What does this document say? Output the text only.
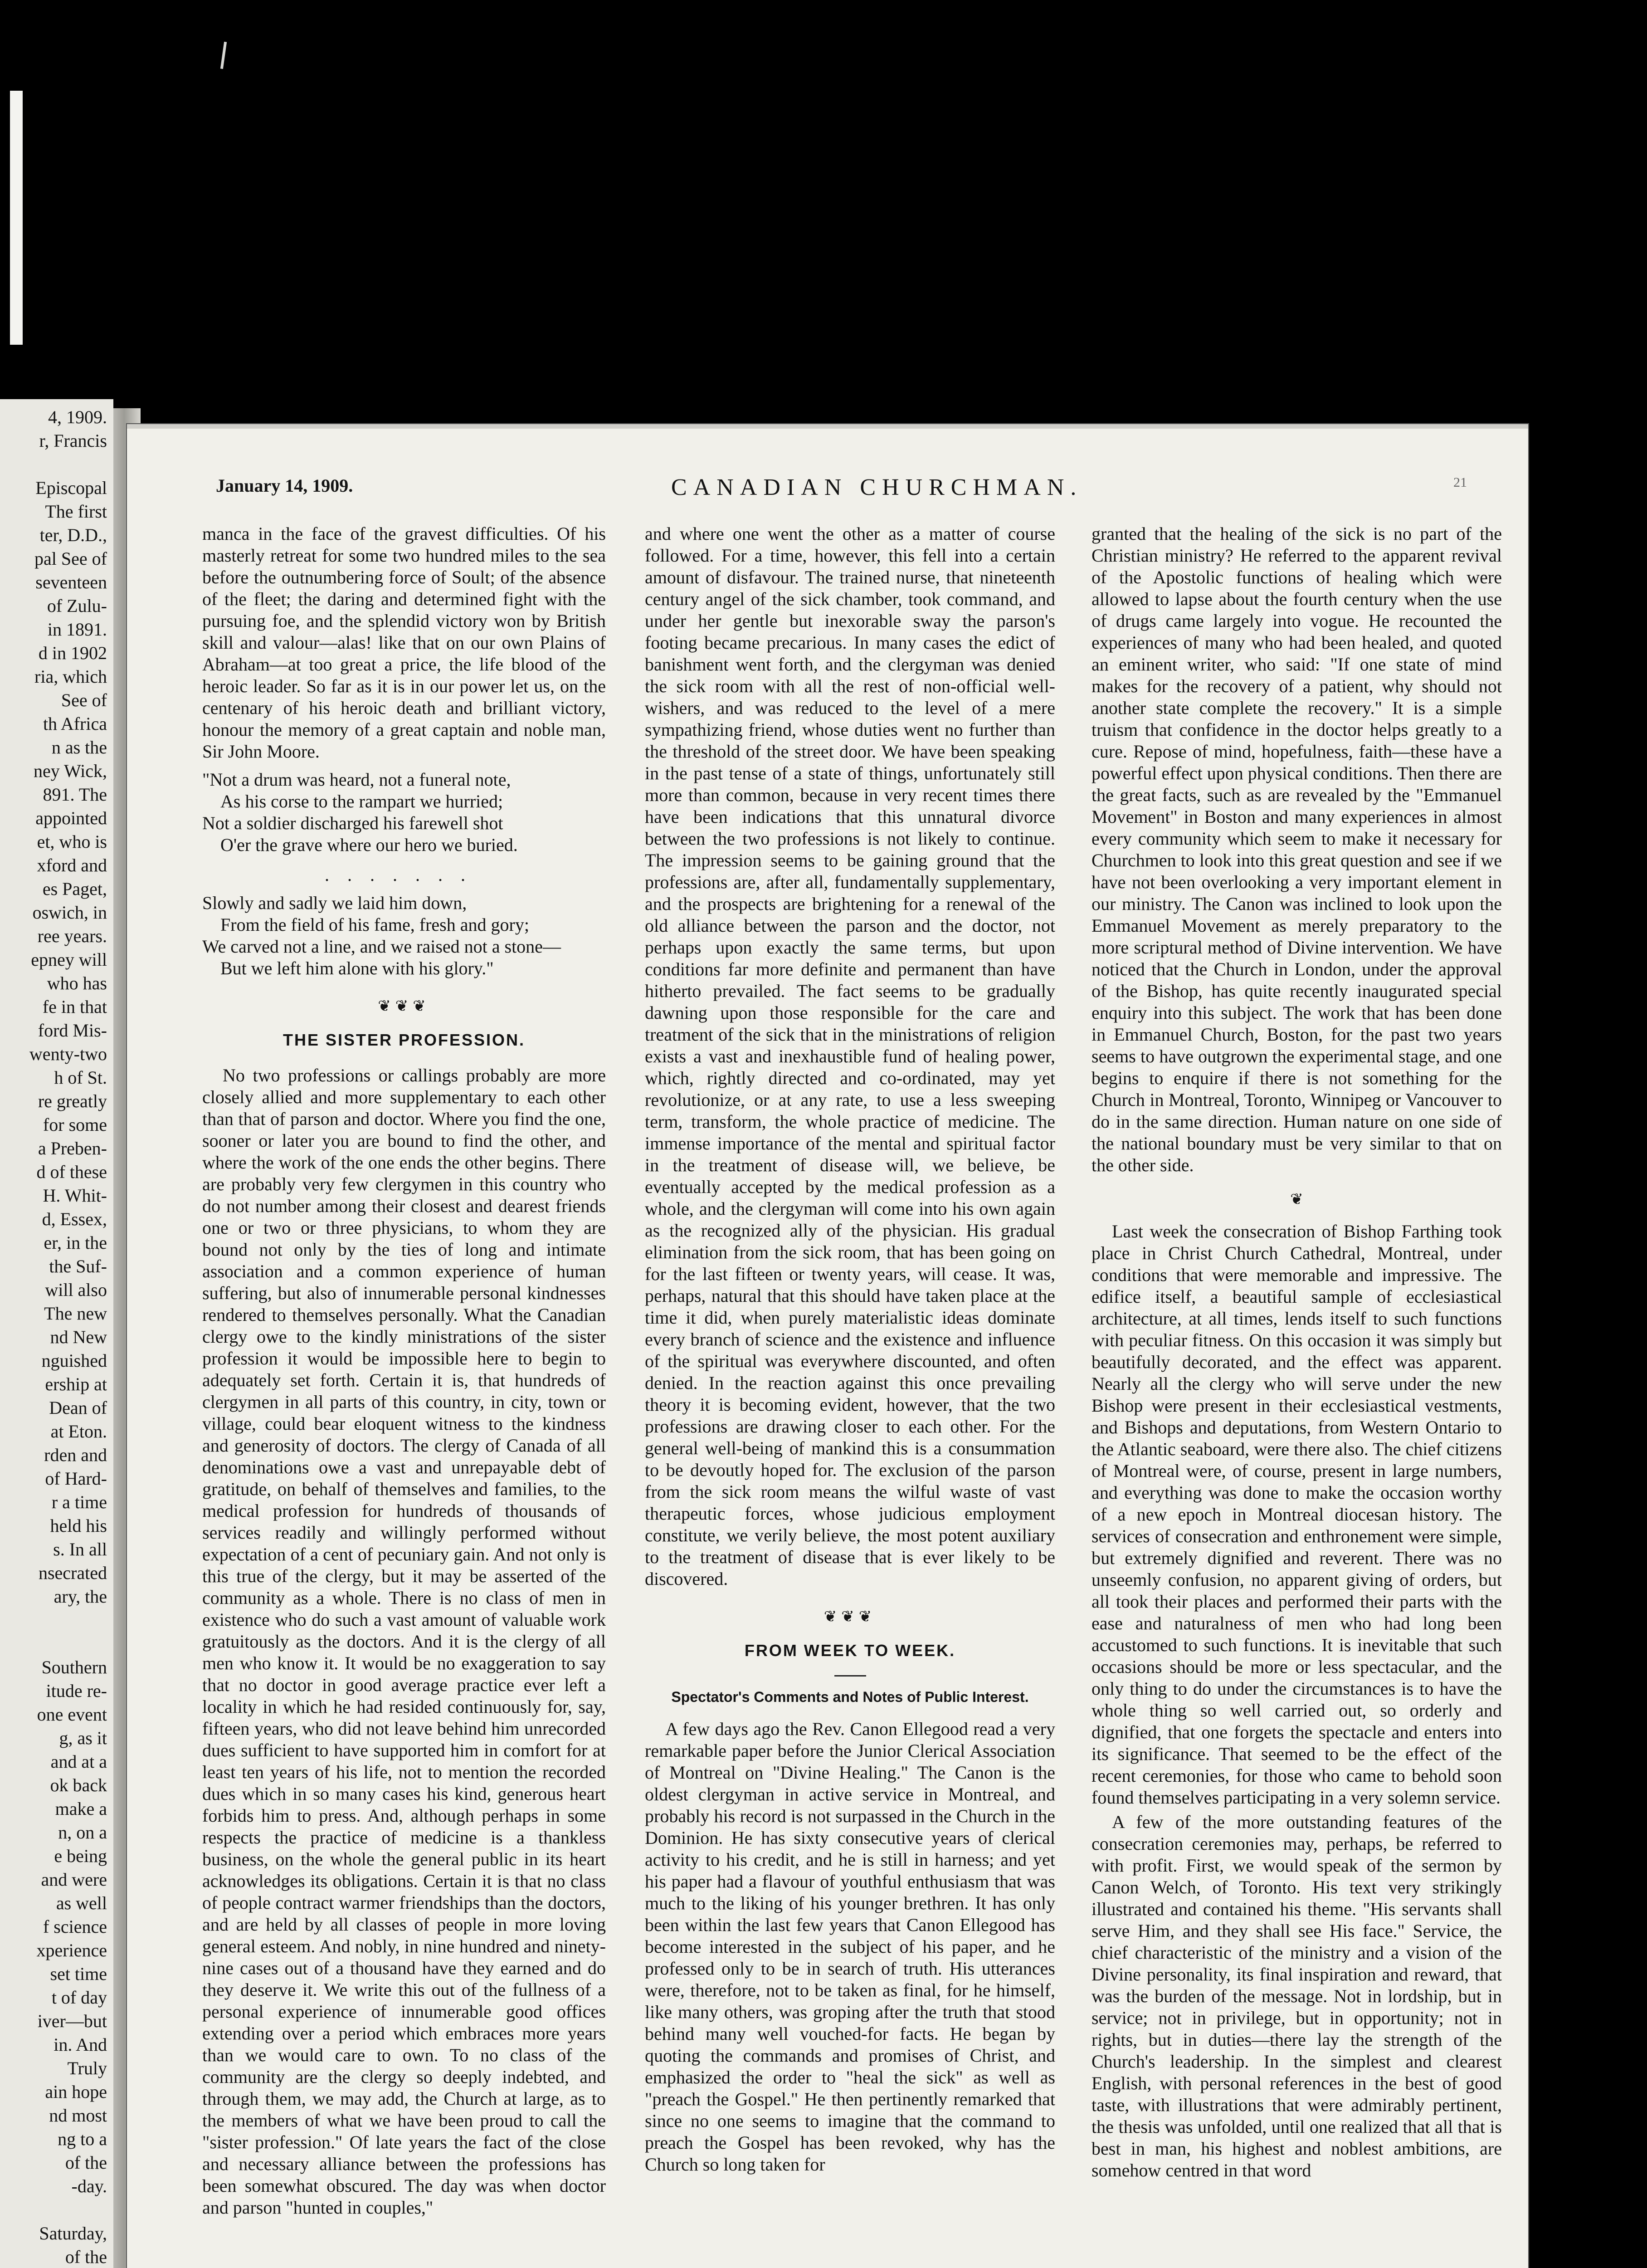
4, 1909.
r, Francis
Episcopal
The first
ter, D.D.,
pal See of
seventeen
of Zulu-
in 1891.
d in 1902
ria, which
See of
th Africa
n as the
ney Wick,
891. The
appointed
et, who is
xford and
es Paget,
oswich, in
ree years.
epney will
who has
fe in that
ford Mis-
wenty-two
h of St.
re greatly
for some
a Preben-
d of these
H. Whit-
d, Essex,
er, in the
the Suf-
will also
The new
nd New
nguished
ership at
Dean of
at Eton.
rden and
of Hard-
r a time
held his
s. In all
nsecrated
ary, the
Southern
itude re-
one event
g, as it
and at a
ok back
make a
n, on a
e being
and were
as well
f science
xperience
set time
t of day
iver—but
in. And
Truly
ain hope
nd most
ng to a
of the
-day.
Saturday,
of the
January 14, 1909.	CANADIAN CHURCHMAN.	21

manca in the face of the gravest difficulties. Of his masterly retreat for some two hundred miles to the sea before the outnumbering force of Soult; of the absence of the fleet; the daring and determined fight with the pursuing foe, and the splendid victory won by British skill and valour—alas! like that on our own Plains of Abraham—at too great a price, the life blood of the heroic leader. So far as it is in our power let us, on the centenary of his heroic death and brilliant victory, honour the memory of a great captain and noble man, Sir John Moore.

"Not a drum was heard, not a funeral note,
As his corse to the rampart we hurried;
Not a soldier discharged his farewell shot
O'er the grave where our hero we buried.
.......
Slowly and sadly we laid him down,
From the field of his fame, fresh and gory;
We carved not a line, and we raised not a stone—
But we left him alone with his glory."
❦❦❦
THE SISTER PROFESSION.

No two professions or callings probably are more closely allied and more supplementary to each other than that of parson and doctor. Where you find the one, sooner or later you are bound to find the other, and where the work of the one ends the other begins. There are probably very few clergymen in this country who do not number among their closest and dearest friends one or two or three physicians, to whom they are bound not only by the ties of long and intimate association and a common experience of human suffering, but also of innumerable personal kindnesses rendered to themselves personally. What the Canadian clergy owe to the kindly ministrations of the sister profession it would be impossible here to begin to adequately set forth. Certain it is, that hundreds of clergymen in all parts of this country, in city, town or village, could bear eloquent witness to the kindness and generosity of doctors. The clergy of Canada of all denominations owe a vast and unrepayable debt of gratitude, on behalf of themselves and families, to the medical profession for hundreds of thousands of services readily and willingly performed without expectation of a cent of pecuniary gain. And not only is this true of the clergy, but it may be asserted of the community as a whole. There is no class of men in existence who do such a vast amount of valuable work gratuitously as the doctors. And it is the clergy of all men who know it. It would be no exaggeration to say that no doctor in good average practice ever left a locality in which he had resided continuously for, say, fifteen years, who did not leave behind him unrecorded dues sufficient to have supported him in comfort for at least ten years of his life, not to mention the recorded dues which in so many cases his kind, generous heart forbids him to press. And, although perhaps in some respects the practice of medicine is a thankless business, on the whole the general public in its heart acknowledges its obligations. Certain it is that no class of people contract warmer friendships than the doctors, and are held by all classes of people in more loving general esteem. And nobly, in nine hundred and ninety-nine cases out of a thousand have they earned and do they deserve it. We write this out of the fullness of a personal experience of innumerable good offices extending over a period which embraces more years than we would care to own. To no class of the community are the clergy so deeply indebted, and through them, we may add, the Church at large, as to the members of what we have been proud to call the "sister profession." Of late years the fact of the close and necessary alliance between the professions has been somewhat obscured. The day was when doctor and parson "hunted in couples,"

and where one went the other as a matter of course followed. For a time, however, this fell into a certain amount of disfavour. The trained nurse, that nineteenth century angel of the sick chamber, took command, and under her gentle but inexorable sway the parson's footing became precarious. In many cases the edict of banishment went forth, and the clergyman was denied the sick room with all the rest of non-official well-wishers, and was reduced to the level of a mere sympathizing friend, whose duties went no further than the threshold of the street door. We have been speaking in the past tense of a state of things, unfortunately still more than common, because in very recent times there have been indications that this unnatural divorce between the two professions is not likely to continue. The impression seems to be gaining ground that the professions are, after all, fundamentally supplementary, and the prospects are brightening for a renewal of the old alliance between the parson and the doctor, not perhaps upon exactly the same terms, but upon conditions far more definite and permanent than have hitherto prevailed. The fact seems to be gradually dawning upon those responsible for the care and treatment of the sick that in the ministrations of religion exists a vast and inexhaustible fund of healing power, which, rightly directed and co-ordinated, may yet revolutionize, or at any rate, to use a less sweeping term, transform, the whole practice of medicine. The immense importance of the mental and spiritual factor in the treatment of disease will, we believe, be eventually accepted by the medical profession as a whole, and the clergyman will come into his own again as the recognized ally of the physician. His gradual elimination from the sick room, that has been going on for the last fifteen or twenty years, will cease. It was, perhaps, natural that this should have taken place at the time it did, when purely materialistic ideas dominate every branch of science and the existence and influence of the spiritual was everywhere discounted, and often denied. In the reaction against this once prevailing theory it is becoming evident, however, that the two professions are drawing closer to each other. For the general well-being of mankind this is a consummation to be devoutly hoped for. The exclusion of the parson from the sick room means the wilful waste of vast therapeutic forces, whose judicious employment constitute, we verily believe, the most potent auxiliary to the treatment of disease that is ever likely to be discovered.

❦❦❦
FROM WEEK TO WEEK.
Spectator's Comments and Notes of Public Interest.

A few days ago the Rev. Canon Ellegood read a very remarkable paper before the Junior Clerical Association of Montreal on "Divine Healing." The Canon is the oldest clergyman in active service in Montreal, and probably his record is not surpassed in the Church in the Dominion. He has sixty consecutive years of clerical activity to his credit, and he is still in harness; and yet his paper had a flavour of youthful enthusiasm that was much to the liking of his younger brethren. It has only been within the last few years that Canon Ellegood has become interested in the subject of his paper, and he professed only to be in search of truth. His utterances were, therefore, not to be taken as final, for he himself, like many others, was groping after the truth that stood behind many well vouched-for facts. He began by quoting the commands and promises of Christ, and emphasized the order to "heal the sick" as well as "preach the Gospel." He then pertinently remarked that since no one seems to imagine that the command to preach the Gospel has been revoked, why has the Church so long taken for

granted that the healing of the sick is no part of the Christian ministry? He referred to the apparent revival of the Apostolic functions of healing which were allowed to lapse about the fourth century when the use of drugs came largely into vogue. He recounted the experiences of many who had been healed, and quoted an eminent writer, who said: "If one state of mind makes for the recovery of a patient, why should not another state complete the recovery." It is a simple truism that confidence in the doctor helps greatly to a cure. Repose of mind, hopefulness, faith—these have a powerful effect upon physical conditions. Then there are the great facts, such as are revealed by the "Emmanuel Movement" in Boston and many experiences in almost every community which seem to make it necessary for Churchmen to look into this great question and see if we have not been overlooking a very important element in our ministry. The Canon was inclined to look upon the Emmanuel Movement as merely preparatory to the more scriptural method of Divine intervention. We have noticed that the Church in London, under the approval of the Bishop, has quite recently inaugurated special enquiry into this subject. The work that has been done in Emmanuel Church, Boston, for the past two years seems to have outgrown the experimental stage, and one begins to enquire if there is not something for the Church in Montreal, Toronto, Winnipeg or Vancouver to do in the same direction. Human nature on one side of the national boundary must be very similar to that on the other side.

❦

Last week the consecration of Bishop Farthing took place in Christ Church Cathedral, Montreal, under conditions that were memorable and impressive. The edifice itself, a beautiful sample of ecclesiastical architecture, at all times, lends itself to such functions with peculiar fitness. On this occasion it was simply but beautifully decorated, and the effect was apparent. Nearly all the clergy who will serve under the new Bishop were present in their ecclesiastical vestments, and Bishops and deputations, from Western Ontario to the Atlantic seaboard, were there also. The chief citizens of Montreal were, of course, present in large numbers, and everything was done to make the occasion worthy of a new epoch in Montreal diocesan history. The services of consecration and enthronement were simple, but extremely dignified and reverent. There was no unseemly confusion, no apparent giving of orders, but all took their places and performed their parts with the ease and naturalness of men who had long been accustomed to such functions. It is inevitable that such occasions should be more or less spectacular, and the only thing to do under the circumstances is to have the whole thing so well carried out, so orderly and dignified, that one forgets the spectacle and enters into its significance. That seemed to be the effect of the recent ceremonies, for those who came to behold soon found themselves participating in a very solemn service.

A few of the more outstanding features of the consecration ceremonies may, perhaps, be referred to with profit. First, we would speak of the sermon by Canon Welch, of Toronto. His text very strikingly illustrated and contained his theme. "His servants shall serve Him, and they shall see His face." Service, the chief characteristic of the ministry and a vision of the Divine personality, its final inspiration and reward, that was the burden of the message. Not in lordship, but in service; not in privilege, but in opportunity; not in rights, but in duties—there lay the strength of the Church's leadership. In the simplest and clearest English, with personal references in the best of good taste, with illustrations that were admirably pertinent, the thesis was unfolded, until one realized that all that is best in man, his highest and noblest ambitions, are somehow centred in that word
